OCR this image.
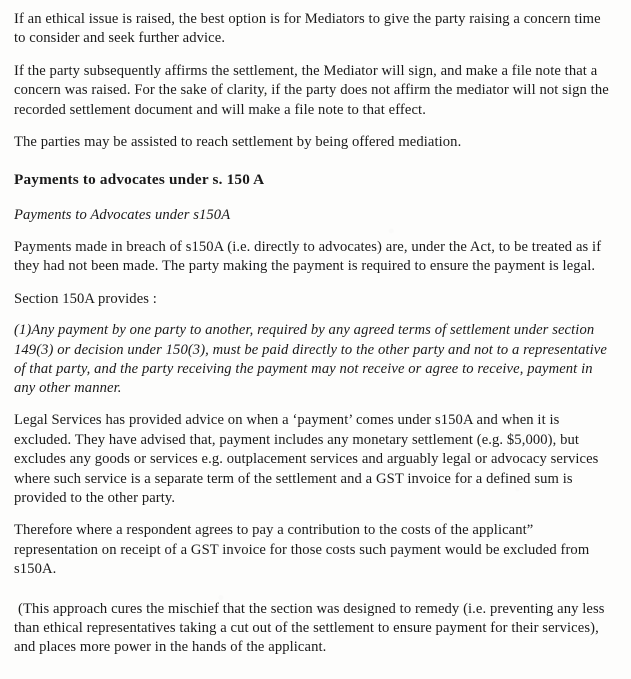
If an ethical issue is raised, the best option is for Mediators to give the party raising a concern time to consider and seek further advice.

If the party subsequently affirms the settlement, the Mediator will sign, and make a file note that a concern was raised. For the sake of clarity, if the party does not affirm the mediator will not sign the recorded settlement document and will make a file note to that effect.

The parties may be assisted to reach settlement by being offered mediation.

Payments to advocates under s. 150 A

Payments to Advocates under s150A

Payments made in breach of s150A (i.e. directly to advocates) are, under the Act, to be treated as if they had not been made. The party making the payment is required to ensure the payment is legal.

Section 150A provides :

(1)Any payment by one party to another, required by any agreed terms of settlement under section 149(3) or decision under 150(3), must be paid directly to the other party and not to a representative of that party, and the party receiving the payment may not receive or agree to receive, payment in any other manner.

Legal Services has provided advice on when a ‘payment’ comes under s150A and when it is excluded. They have advised that, payment includes any monetary settlement (e.g. $5,000), but excludes any goods or services e.g. outplacement services and arguably legal or advocacy services where such service is a separate term of the settlement and a GST invoice for a defined sum is provided to the other party.

Therefore where a respondent agrees to pay a contribution to the costs of the applicant” representation on receipt of a GST invoice for those costs such payment would be excluded from s150A.

(This approach cures the mischief that the section was designed to remedy (i.e. preventing any less than ethical representatives taking a cut out of the settlement to ensure payment for their services), and places more power in the hands of the applicant.
